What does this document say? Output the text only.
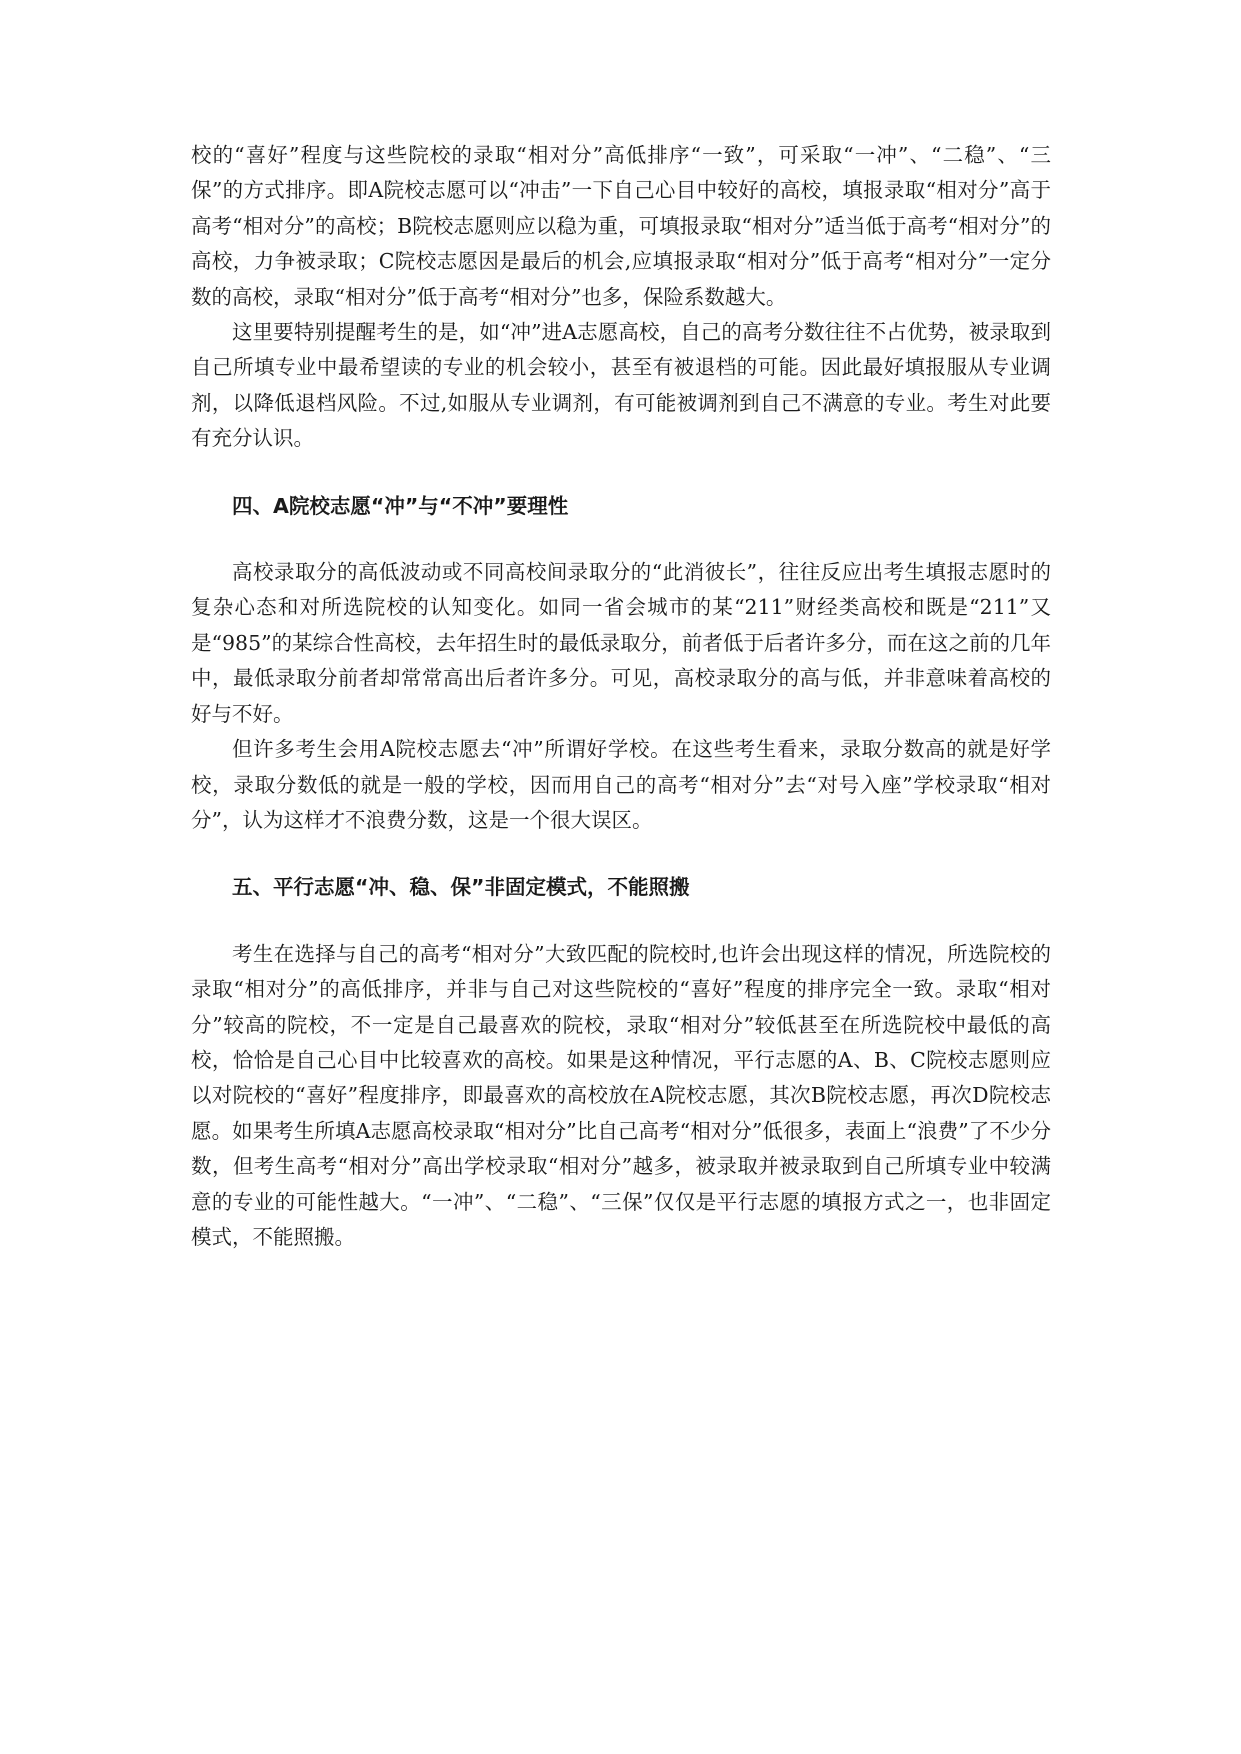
校的“喜好”程度与这些院校的录取“相对分”高低排序“一致”，可采取“一冲”、“二稳”、“三保”的方式排序。即A院校志愿可以“冲击”一下自己心目中较好的高校，填报录取“相对分”高于高考“相对分”的高校；B院校志愿则应以稳为重，可填报录取“相对分”适当低于高考“相对分”的高校，力争被录取；C院校志愿因是最后的机会,应填报录取“相对分”低于高考“相对分”一定分数的高校，录取“相对分”低于高考“相对分”也多，保险系数越大。

这里要特别提醒考生的是，如“冲”进A志愿高校，自己的高考分数往往不占优势，被录取到自己所填专业中最希望读的专业的机会较小，甚至有被退档的可能。因此最好填报服从专业调剂，以降低退档风险。不过,如服从专业调剂，有可能被调剂到自己不满意的专业。考生对此要有充分认识。

四、A院校志愿“冲”与“不冲”要理性

高校录取分的高低波动或不同高校间录取分的“此消彼长”，往往反应出考生填报志愿时的复杂心态和对所选院校的认知变化。如同一省会城市的某“211”财经类高校和既是“211”又是“985”的某综合性高校，去年招生时的最低录取分，前者低于后者许多分，而在这之前的几年中，最低录取分前者却常常高出后者许多分。可见，高校录取分的高与低，并非意味着高校的好与不好。

但许多考生会用A院校志愿去“冲”所谓好学校。在这些考生看来，录取分数高的就是好学校，录取分数低的就是一般的学校，因而用自己的高考“相对分”去“对号入座”学校录取“相对分”，认为这样才不浪费分数，这是一个很大误区。

五、平行志愿“冲、稳、保”非固定模式，不能照搬

考生在选择与自己的高考“相对分”大致匹配的院校时,也许会出现这样的情况，所选院校的录取“相对分”的高低排序，并非与自己对这些院校的“喜好”程度的排序完全一致。录取“相对分”较高的院校，不一定是自己最喜欢的院校，录取“相对分”较低甚至在所选院校中最低的高校，恰恰是自己心目中比较喜欢的高校。如果是这种情况，平行志愿的A、B、C院校志愿则应以对院校的“喜好”程度排序，即最喜欢的高校放在A院校志愿，其次B院校志愿，再次D院校志愿。如果考生所填A志愿高校录取“相对分”比自己高考“相对分”低很多，表面上“浪费”了不少分数，但考生高考“相对分”高出学校录取“相对分”越多，被录取并被录取到自己所填专业中较满意的专业的可能性越大。“一冲”、“二稳”、“三保”仅仅是平行志愿的填报方式之一，也非固定模式，不能照搬。
